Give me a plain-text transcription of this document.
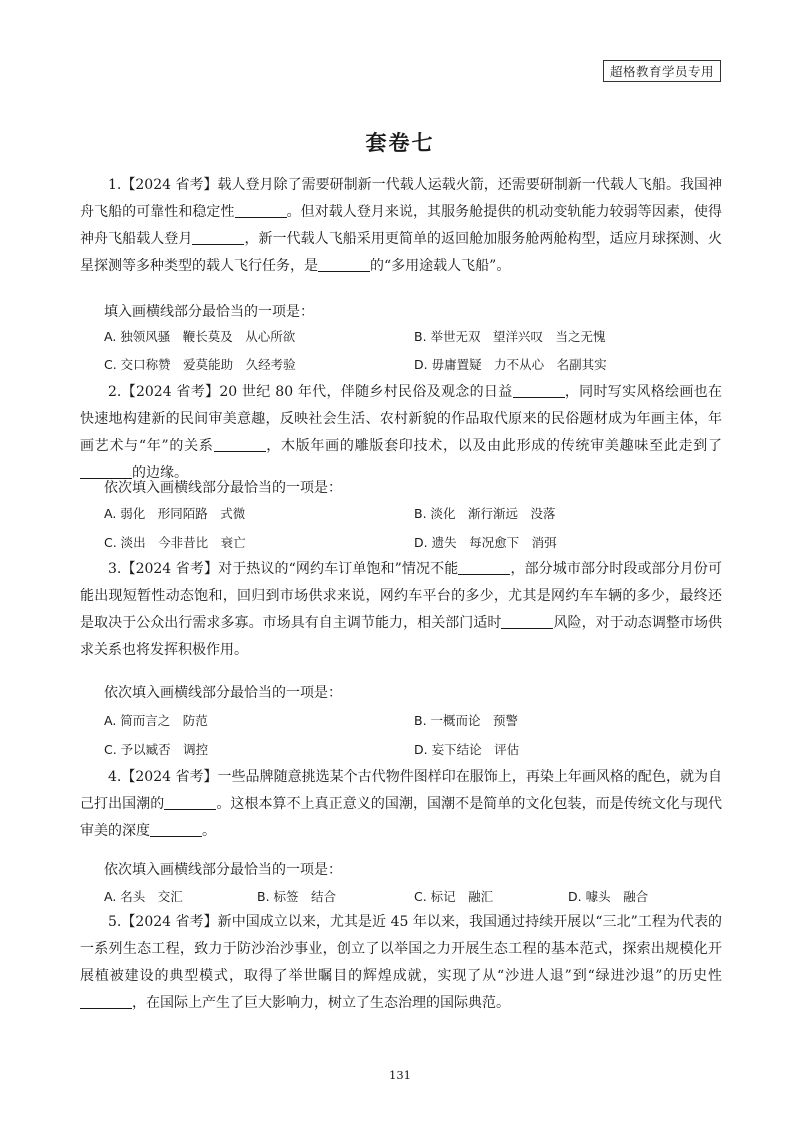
超格教育学员专用
套卷七

1.【2024 省考】载人登月除了需要研制新一代载人运载火箭，还需要研制新一代载人飞船。我国神舟飞船的可靠性和稳定性	。但对载人登月来说，其服务舱提供的机动变轨能力较弱等因素，使得神舟飞船载人登月	，新一代载人飞船采用更简单的返回舱加服务舱两舱构型，适应月球探测、火星探测等多种类型的载人飞行任务，是	的“多用途载人飞船”。

填入画横线部分最恰当的一项是：
A. 独领风骚　鞭长莫及　从心所欲	B. 举世无双　望洋兴叹　当之无愧
C. 交口称赞　爱莫能助　久经考验	D. 毋庸置疑　力不从心　名副其实

2.【2024 省考】20 世纪 80 年代，伴随乡村民俗及观念的日益	，同时写实风格绘画也在快速地构建新的民间审美意趣，反映社会生活、农村新貌的作品取代原来的民俗题材成为年画主体，年画艺术与“年”的关系	，木版年画的雕版套印技术，以及由此形成的传统审美趣味至此走到了的边缘。

依次填入画横线部分最恰当的一项是：
A. 弱化　形同陌路　式微	B. 淡化　渐行渐远　没落
C. 淡出　今非昔比　衰亡	D. 遗失　每况愈下　消弭

3.【2024 省考】对于热议的“网约车订单饱和”情况不能	，部分城市部分时段或部分月份可能出现短暂性动态饱和，回归到市场供求来说，网约车平台的多少，尤其是网约车车辆的多少，最终还是取决于公众出行需求多寡。市场具有自主调节能力，相关部门适时	风险，对于动态调整市场供求关系也将发挥积极作用。

依次填入画横线部分最恰当的一项是：
A. 简而言之　防范	B. 一概而论　预警
C. 予以臧否　调控	D. 妄下结论　评估

4.【2024 省考】一些品牌随意挑选某个古代物件图样印在服饰上，再染上年画风格的配色，就为自己打出国潮的	。这根本算不上真正意义的国潮，国潮不是简单的文化包装，而是传统文化与现代审美的深度	。

依次填入画横线部分最恰当的一项是：
A. 名头　交汇	B. 标签　结合	C. 标记　融汇	D. 噱头　融合

5.【2024 省考】新中国成立以来，尤其是近 45 年以来，我国通过持续开展以“三北”工程为代表的一系列生态工程，致力于防沙治沙事业，创立了以举国之力开展生态工程的基本范式，探索出规模化开展植被建设的典型模式，取得了举世瞩目的辉煌成就，实现了从“沙进人退”到“绿进沙退”的历史性，在国际上产生了巨大影响力，树立了生态治理的国际典范。

131
